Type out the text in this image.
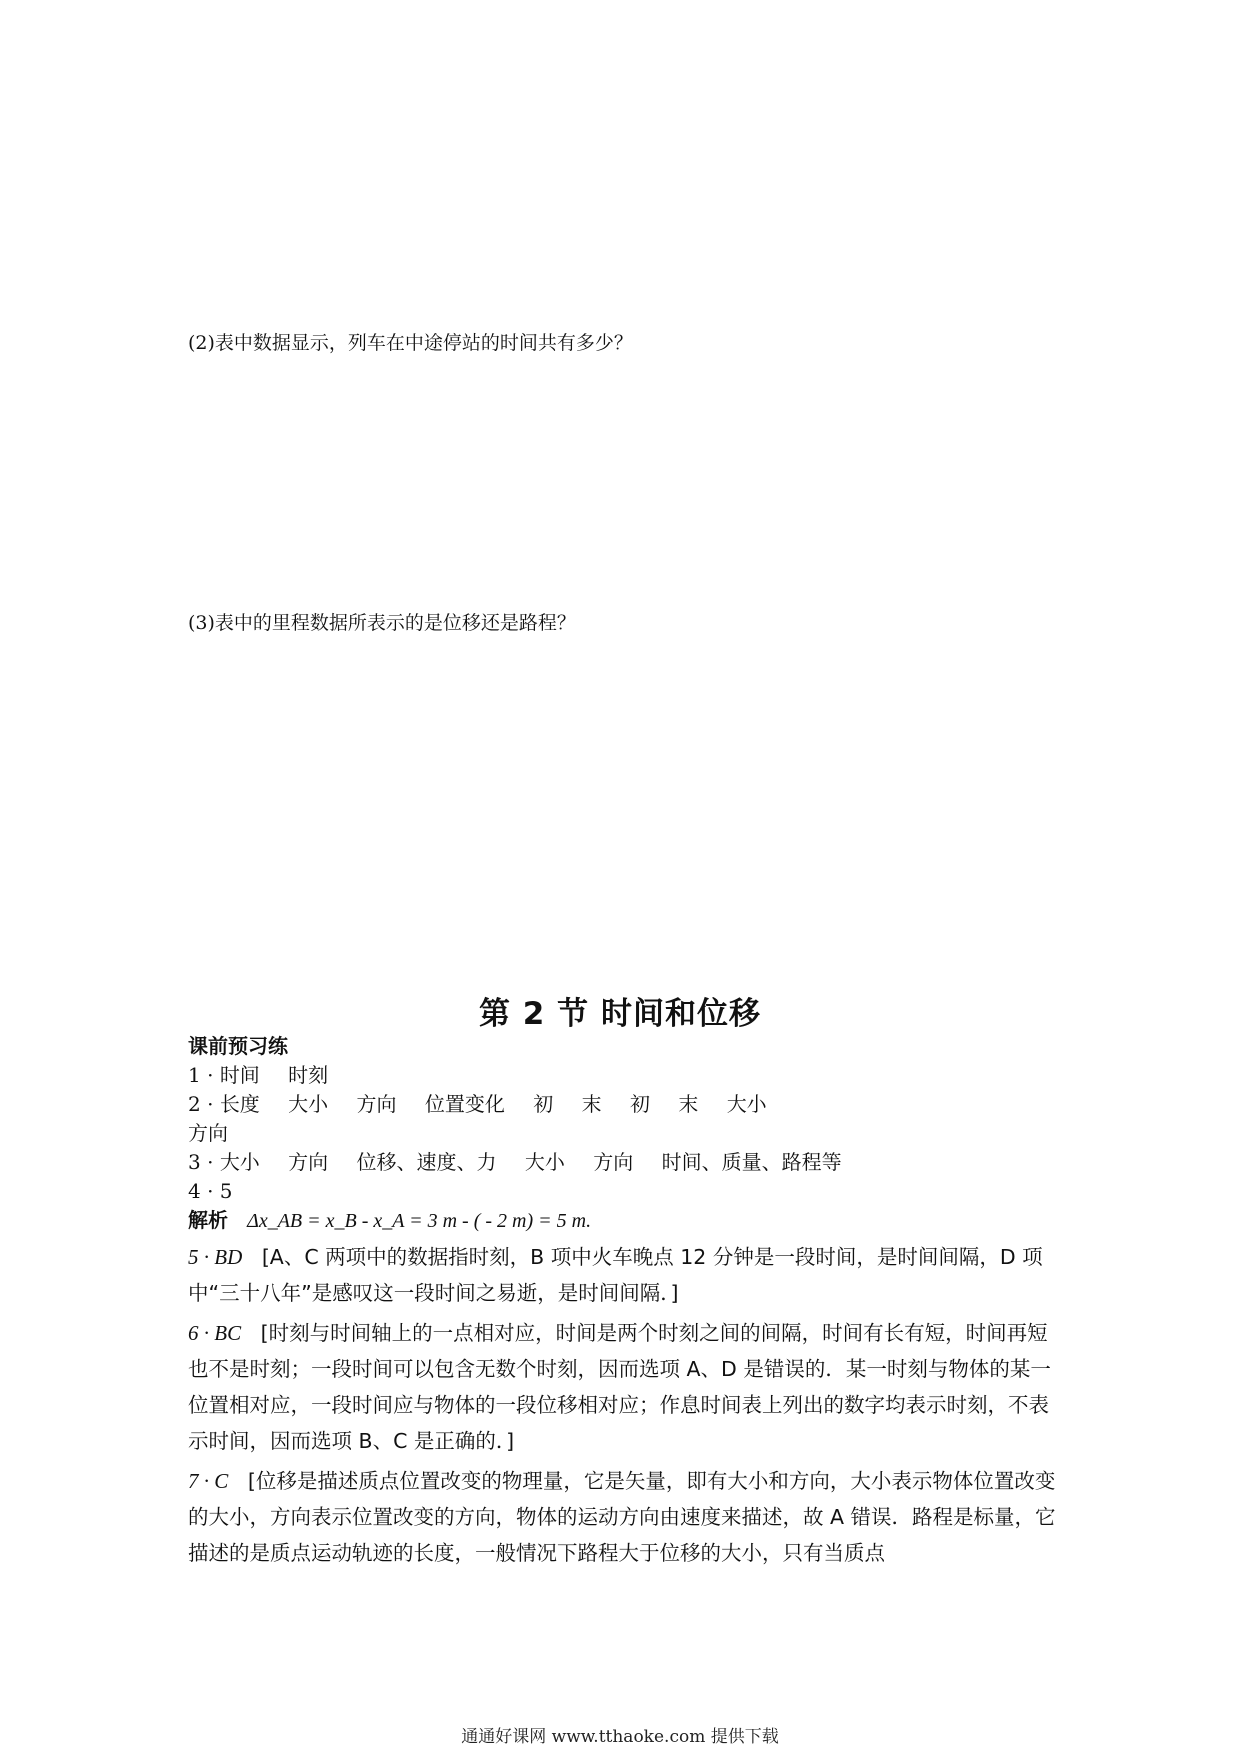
(2)表中数据显示，列车在中途停站的时间共有多少？
(3)表中的里程数据所表示的是位移还是路程？
第 2 节 时间和位移
课前预习练
1 · 时间 时刻
2 · 长度 大小 方向 位置变化 初 末 初 末 大小
方向
3 · 大小 方向 位移、速度、力 大小 方向 时间、质量、路程等
4 · 5
解析 Δx_AB = x_B - x_A = 3 m - ( - 2 m) = 5 m.
5 · BD [A、C 两项中的数据指时刻，B 项中火车晚点 12 分钟是一段时间，是时间间隔，D 项中“三十八年”是感叹这一段时间之易逝，是时间间隔．]
6 · BC [时刻与时间轴上的一点相对应，时间是两个时刻之间的间隔，时间有长有短，时间再短也不是时刻；一段时间可以包含无数个时刻，因而选项 A、D 是错误的．某一时刻与物体的某一位置相对应，一段时间应与物体的一段位移相对应；作息时间表上列出的数字均表示时刻，不表示时间，因而选项 B、C 是正确的．]
7 · C [位移是描述质点位置改变的物理量，它是矢量，即有大小和方向，大小表示物体位置改变的大小，方向表示位置改变的方向，物体的运动方向由速度来描述，故 A 错误．路程是标量，它描述的是质点运动轨迹的长度，一般情况下路程大于位移的大小，只有当质点
通通好课网 www.tthaoke.com 提供下载
